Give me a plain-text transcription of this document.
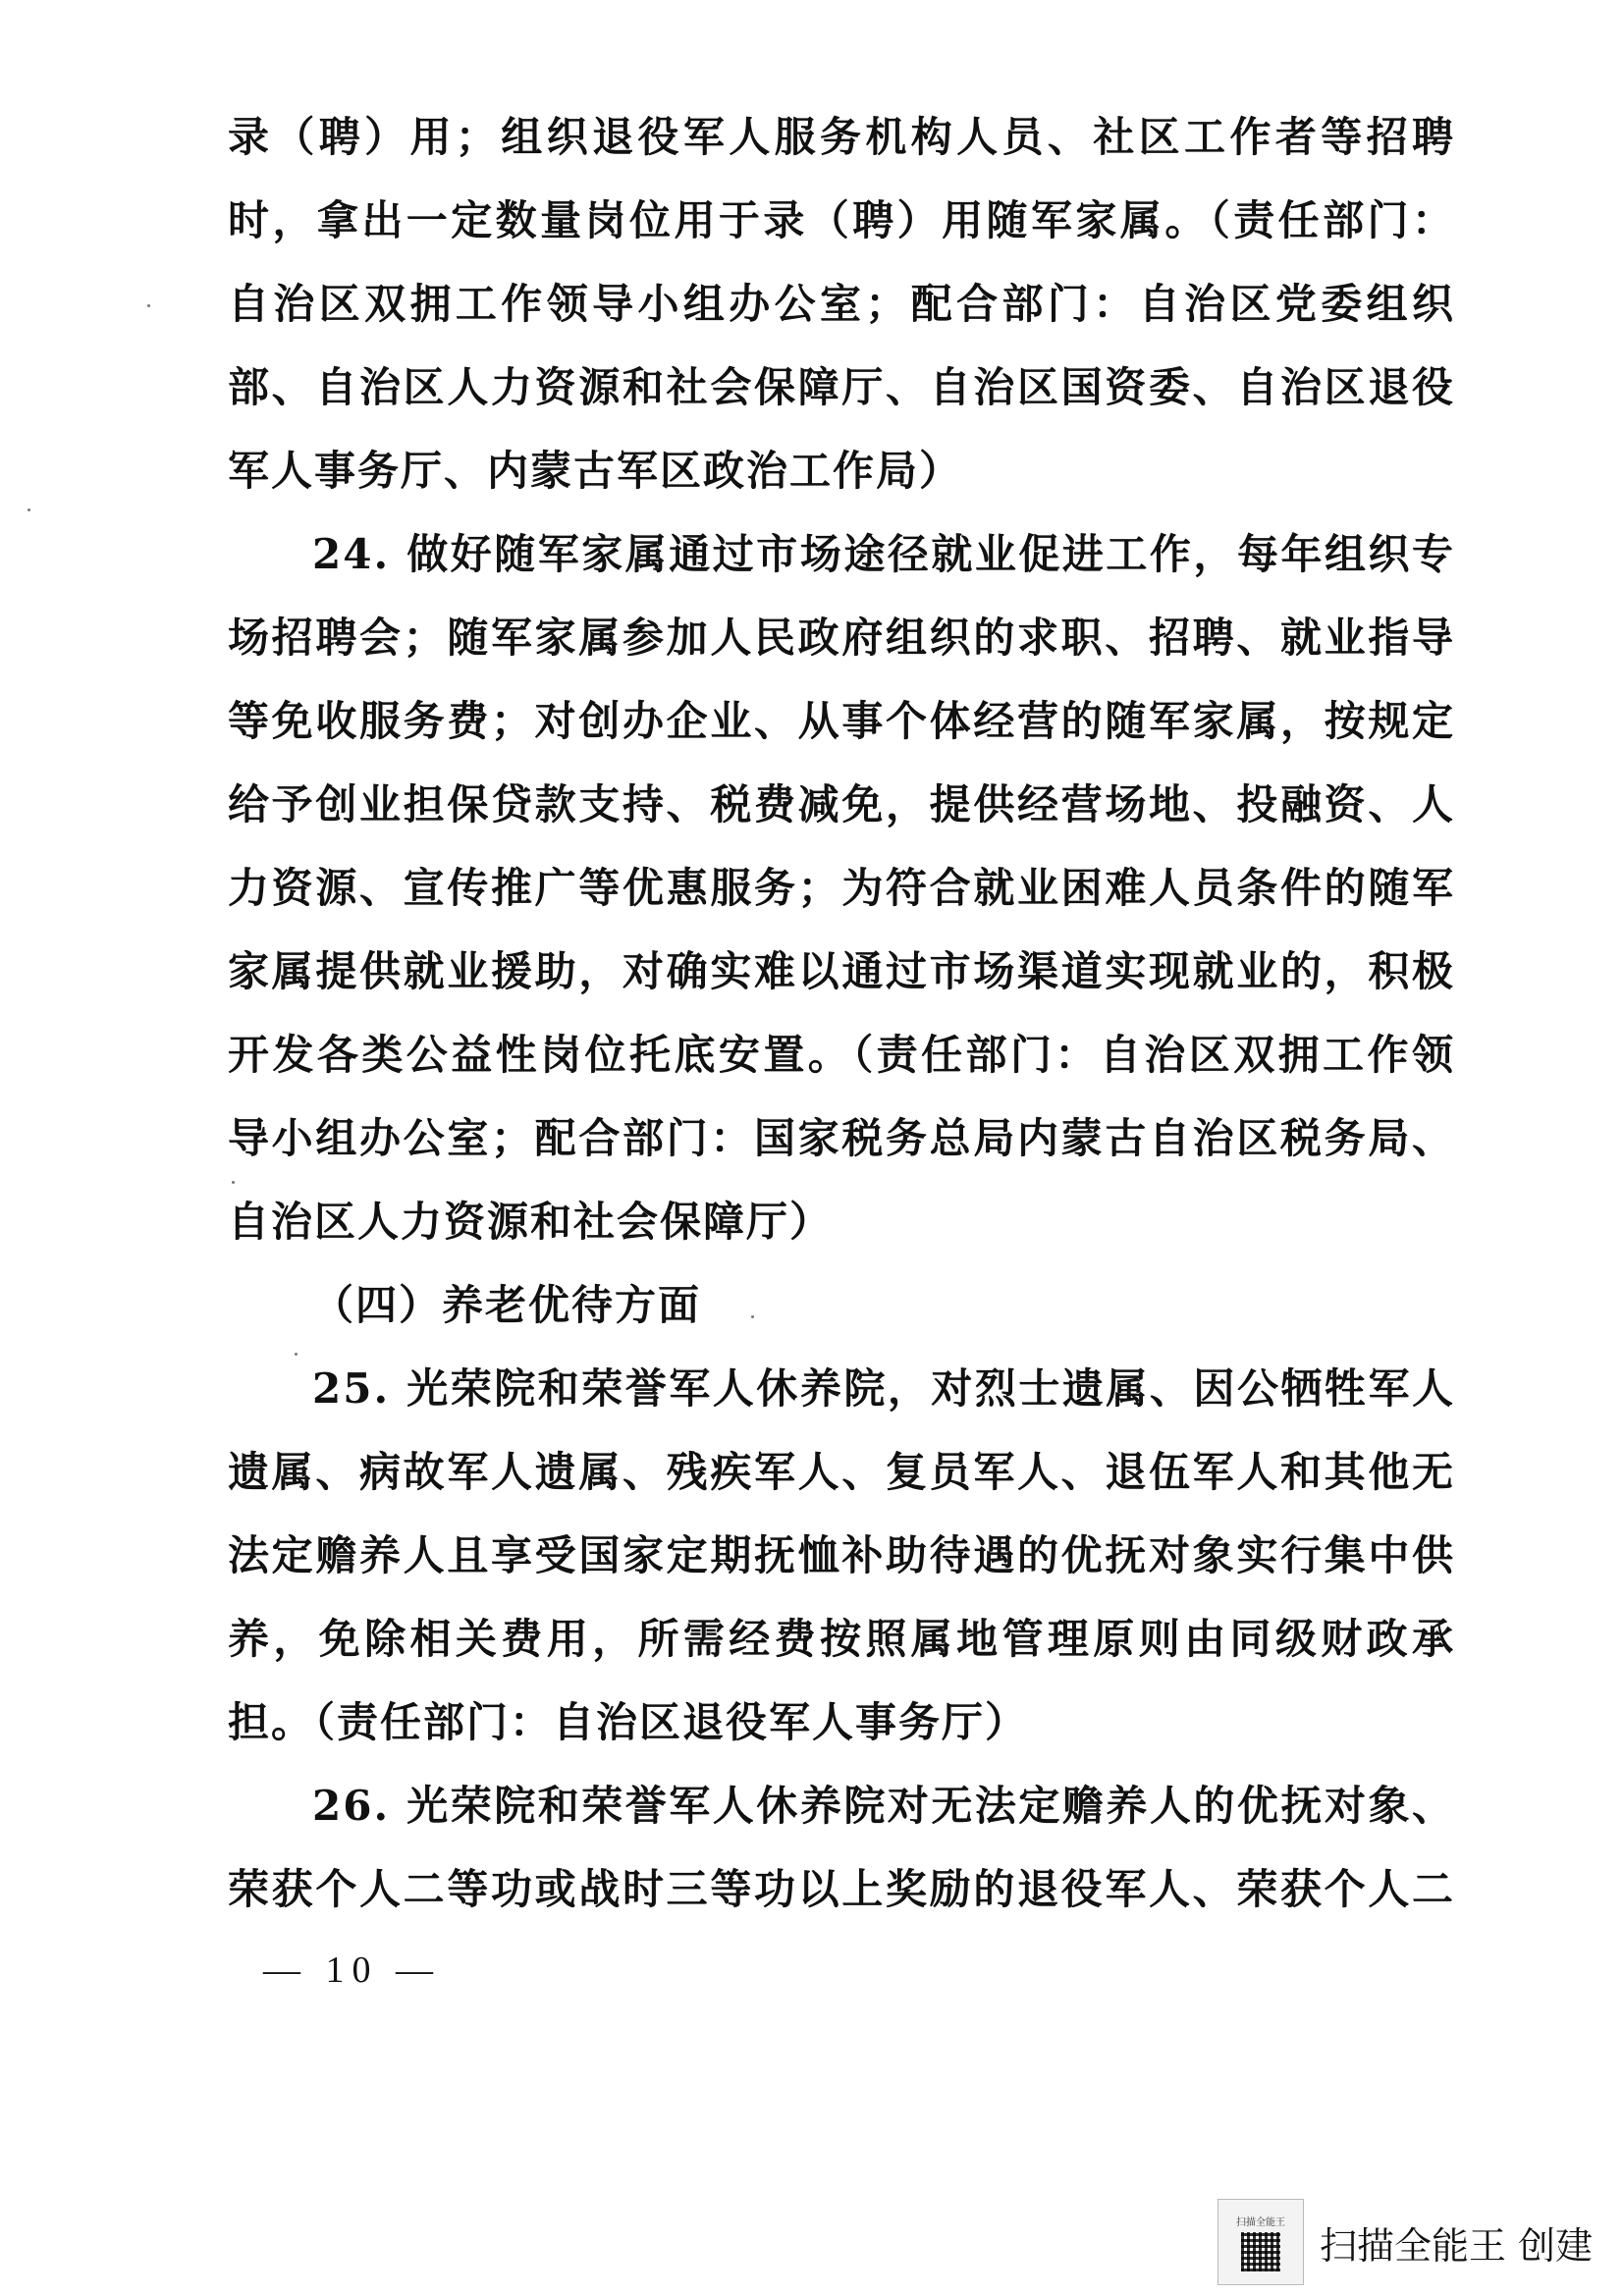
录（聘）用；组织退役军人服务机构人员、社区工作者等招聘
时，拿出一定数量岗位用于录（聘）用随军家属。（责任部门：
自治区双拥工作领导小组办公室；配合部门：自治区党委组织
部、自治区人力资源和社会保障厅、自治区国资委、自治区退役
军人事务厅、内蒙古军区政治工作局）
24. 做好随军家属通过市场途径就业促进工作，每年组织专
场招聘会；随军家属参加人民政府组织的求职、招聘、就业指导
等免收服务费；对创办企业、从事个体经营的随军家属，按规定
给予创业担保贷款支持、税费减免，提供经营场地、投融资、人
力资源、宣传推广等优惠服务；为符合就业困难人员条件的随军
家属提供就业援助，对确实难以通过市场渠道实现就业的，积极
开发各类公益性岗位托底安置。（责任部门：自治区双拥工作领
导小组办公室；配合部门：国家税务总局内蒙古自治区税务局、
自治区人力资源和社会保障厅）
（四）养老优待方面
25. 光荣院和荣誉军人休养院，对烈士遗属、因公牺牲军人
遗属、病故军人遗属、残疾军人、复员军人、退伍军人和其他无
法定赡养人且享受国家定期抚恤补助待遇的优抚对象实行集中供
养，免除相关费用，所需经费按照属地管理原则由同级财政承
担。（责任部门：自治区退役军人事务厅）
26. 光荣院和荣誉军人休养院对无法定赡养人的优抚对象、
荣获个人二等功或战时三等功以上奖励的退役军人、荣获个人二
— 10 —
扫描全能王
扫描全能王 创建
